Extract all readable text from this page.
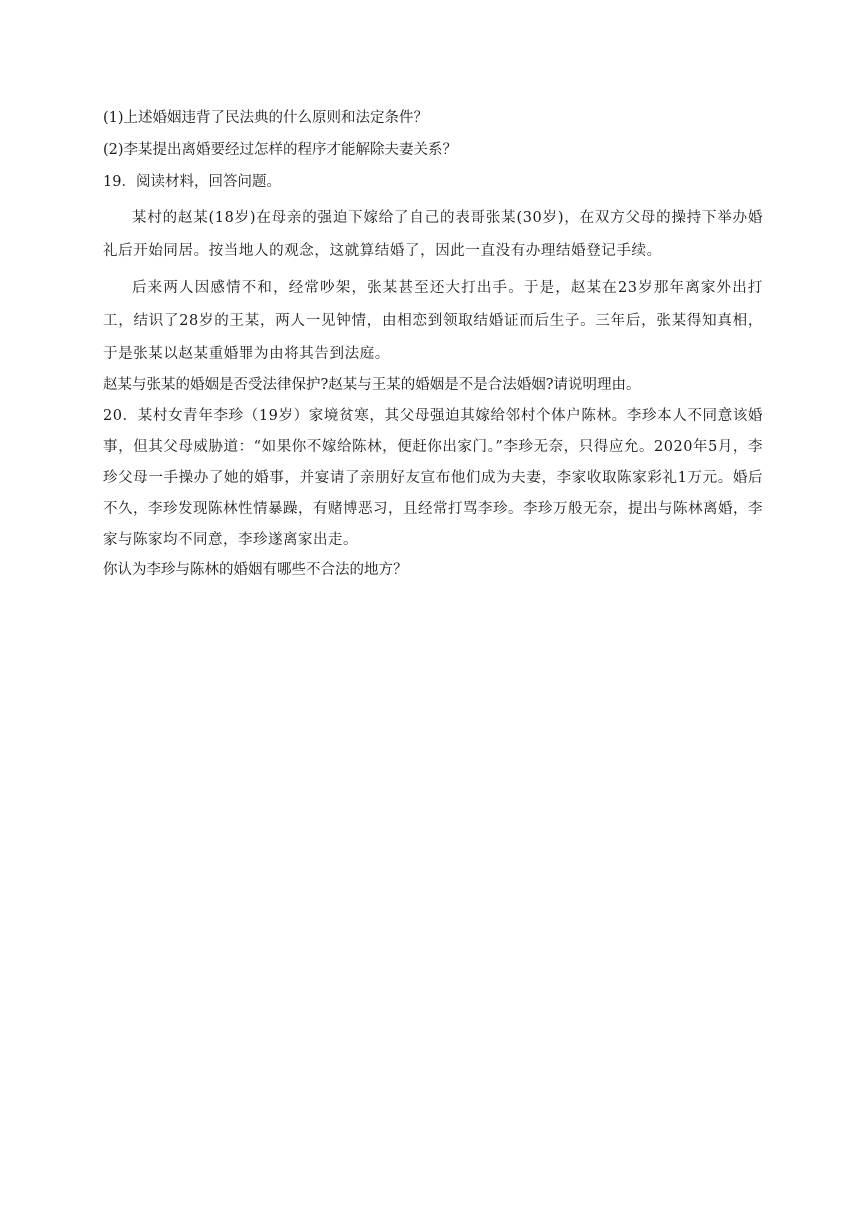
(1)上述婚姻违背了民法典的什么原则和法定条件？

(2)李某提出离婚要经过怎样的程序才能解除夫妻关系？

19．阅读材料，回答问题。

某村的赵某(18岁)在母亲的强迫下嫁给了自己的表哥张某(30岁)，在双方父母的操持下举办婚礼后开始同居。按当地人的观念，这就算结婚了，因此一直没有办理结婚登记手续。

后来两人因感情不和，经常吵架，张某甚至还大打出手。于是，赵某在23岁那年离家外出打工，结识了28岁的王某，两人一见钟情，由相恋到领取结婚证而后生子。三年后，张某得知真相，于是张某以赵某重婚罪为由将其告到法庭。

赵某与张某的婚姻是否受法律保护?赵某与王某的婚姻是不是合法婚姻?请说明理由。

20．某村女青年李珍（19岁）家境贫寒，其父母强迫其嫁给邻村个体户陈林。李珍本人不同意该婚事，但其父母威胁道：“如果你不嫁给陈林，便赶你出家门。”李珍无奈，只得应允。2020年5月，李珍父母一手操办了她的婚事，并宴请了亲朋好友宣布他们成为夫妻，李家收取陈家彩礼1万元。婚后不久，李珍发现陈林性情暴躁，有赌博恶习，且经常打骂李珍。李珍万般无奈，提出与陈林离婚，李家与陈家均不同意，李珍遂离家出走。

你认为李珍与陈林的婚姻有哪些不合法的地方？
